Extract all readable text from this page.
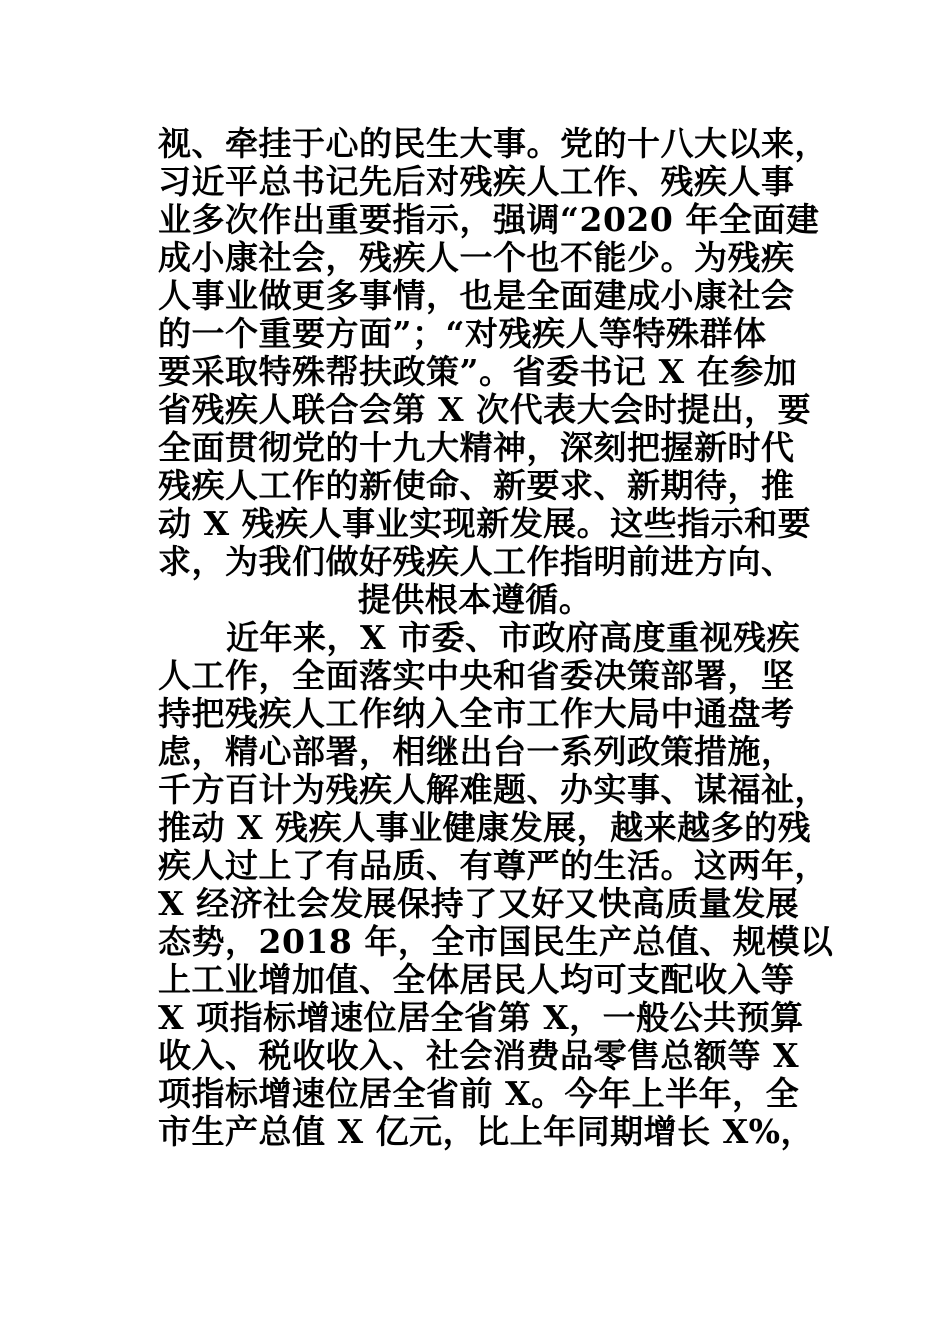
视、牵挂于心的民生大事。党的十八大以来，
习近平总书记先后对残疾人工作、残疾人事
业多次作出重要指示，强调“2020 年全面建
成小康社会，残疾人一个也不能少。为残疾
人事业做更多事情，也是全面建成小康社会
的一个重要方面”；“对残疾人等特殊群体
要采取特殊帮扶政策”。省委书记 X 在参加
省残疾人联合会第 X 次代表大会时提出，要
全面贯彻党的十九大精神，深刻把握新时代
残疾人工作的新使命、新要求、新期待，推
动 X 残疾人事业实现新发展。这些指示和要
求，为我们做好残疾人工作指明前进方向、
提供根本遵循。
近年来，X 市委、市政府高度重视残疾
人工作，全面落实中央和省委决策部署，坚
持把残疾人工作纳入全市工作大局中通盘考
虑，精心部署，相继出台一系列政策措施，
千方百计为残疾人解难题、办实事、谋福祉，
推动 X 残疾人事业健康发展，越来越多的残
疾人过上了有品质、有尊严的生活。这两年，
X 经济社会发展保持了又好又快高质量发展
态势，2018 年，全市国民生产总值、规模以
上工业增加值、全体居民人均可支配收入等
X 项指标增速位居全省第 X，一般公共预算
收入、税收收入、社会消费品零售总额等 X
项指标增速位居全省前 X。今年上半年，全
市生产总值 X 亿元，比上年同期增长 X%，
